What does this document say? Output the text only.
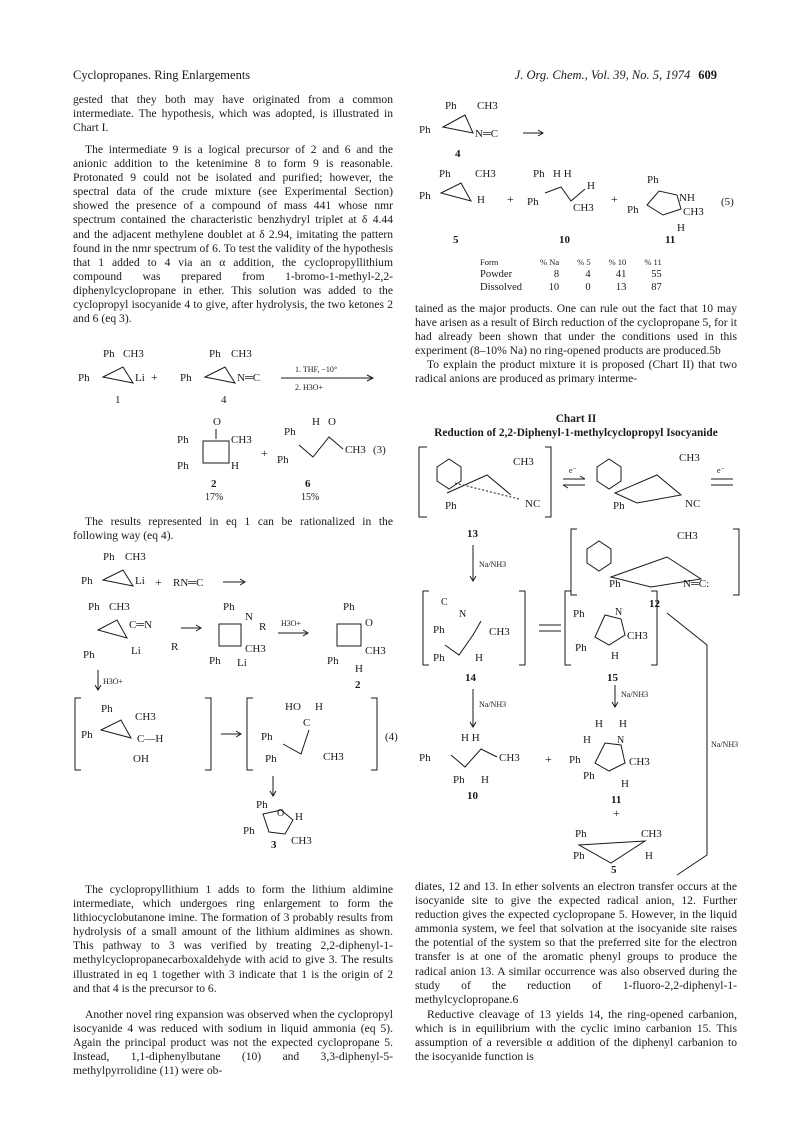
Cyclopropanes. Ring Enlargements	J. Org. Chem., Vol. 39, No. 5, 1974 609

gested that they both may have originated from a common intermediate. The hypothesis, which was adopted, is illustrated in Chart I.

The intermediate 9 is a logical precursor of 2 and 6 and the anionic addition to the ketenimine 8 to form 9 is reasonable. Protonated 9 could not be isolated and purified; however, the spectral data of the crude mixture (see Experimental Section) showed the presence of a compound of mass 441 whose nmr spectrum contained the characteristic benzhydryl triplet at δ 4.44 and the adjacent methylene doublet at δ 2.94, imitating the pattern found in the nmr spectrum of 6. To test the validity of the hypothesis that 1 added to 4 via an α addition, the cyclopropyllithium compound was prepared from 1-bromo-1-methyl-2,2-diphenylcyclopropane in ether. This solution was added to the cyclopropyl isocyanide 4 to give, after hydrolysis, the two ketones 2 and 6 (eq 3).

The results represented in eq 1 can be rationalized in the following way (eq 4).

The cyclopropyllithium 1 adds to form the lithium aldimine intermediate, which undergoes ring enlargement to form the lithiocyclobutanone imine. The formation of 3 probably results from hydrolysis of a small amount of the lithium aldimines as shown. This pathway to 3 was verified by treating 2,2-diphenyl-1-methylcyclopropanecarboxaldehyde with acid to give 3. The results illustrated in eq 1 together with 3 indicate that 1 is the origin of 2 and that 4 is the precursor to 6.

Another novel ring expansion was observed when the cyclopropyl isocyanide 4 was reduced with sodium in liquid ammonia (eq 5). Again the principal product was not the expected cyclopropane 5. Instead, 1,1-diphenylbutane (10) and 3,3-diphenyl-5-methylpyrrolidine (11) were ob-

tained as the major products. One can rule out the fact that 10 may have arisen as a result of Birch reduction of the cyclopropane 5, for it had already been shown that under the conditions used in this experiment (8–10% Na) no ring-opened products are produced.5b

To explain the product mixture it is proposed (Chart II) that two radical anions are produced as primary interme-

diates, 12 and 13. In ether solvents an electron transfer occurs at the isocyanide site to give the expected radical anion, 12. Further reduction gives the expected cyclopropane 5. However, in the liquid ammonia system, we feel that solvation at the isocyanide site raises the potential of the system so that the preferred site for the electron transfer is at one of the aromatic phenyl groups to produce the radical anion 13. A similar occurrence was also observed during the study of the reduction of 1-fluoro-2,2-diphenyl-1-methylcyclopropane.6

Reductive cleavage of 13 yields 14, the ring-opened carbanion, which is in equilibrium with the cyclic imino carbanion 15. This assumption of a reversible α addition of the diphenyl carbanion to the isocyanide function is

Ph CH3
Ph	Li
1
+
Ph CH3
Ph	N═C
4
1. THF, −10°
2. H3O+
O
Ph	CH3
Ph	H
2
17%
+
Ph
H O
Ph
CH3 (3)
6
15%
Ph CH3
Ph	Li + RN═C
Ph CH3
C═N
Ph
R
Li
Ph
N
R
CH3
Ph Li
H3O+
Ph
O
Ph
CH3
H
2
H3O+
Ph
CH3
Ph	C—H
OH
HO H
C
Ph
Ph	CH3
(4)
Ph
O H
Ph
CH3
3
Ph CH3
Ph	N═C
4
Ph CH3
Ph	H
5
+
Ph H H
H
Ph	CH3
10
+
Ph
NH
Ph	CH3
H
(5)
11
Form	% Na	% 5	% 10	% 11
Powder	8	4	41	55
Dissolved	10	0	13	87
Chart II
Reduction of 2,2-Diphenyl-1-methylcyclopropyl Isocyanide
CH3
Ph	NC
13
e⁻
CH3
Ph	NC
e⁻
CH3
Ph	N═C:
12
Na/NH3
C
N
Ph	CH3
Ph	H
14
Ph	N
CH3
Ph
H
15
Na/NH3
Na/NH3
H H
Ph	CH3
Ph H
10
+
H H
H	N
Ph	CH3
Ph
H
11
+
Na/NH3
Ph	CH3
Ph	H
5
